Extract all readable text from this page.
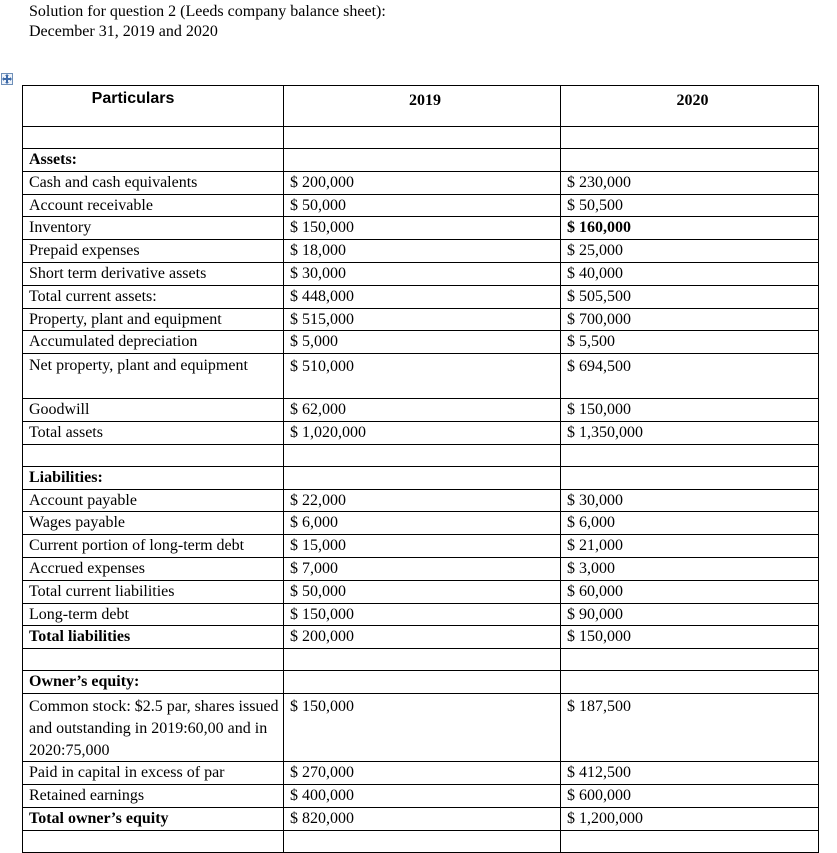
Solution for question 2 (Leeds company balance sheet):
December 31, 2019 and 2020
Particulars	2019	2020

Assets:		
Cash and cash equivalents	$ 200,000	$ 230,000
Account receivable	$ 50,000	$ 50,500
Inventory	$ 150,000	$ 160,000
Prepaid expenses	$ 18,000	$ 25,000
Short term derivative assets	$ 30,000	$ 40,000
Total current assets:	$ 448,000	$ 505,500
Property, plant and equipment	$ 515,000	$ 700,000
Accumulated depreciation	$ 5,000	$ 5,500
Net property, plant and equipment	$ 510,000	$ 694,500
Goodwill	$ 62,000	$ 150,000
Total assets	$ 1,020,000	$ 1,350,000

Liabilities:		
Account payable	$ 22,000	$ 30,000
Wages payable	$ 6,000	$ 6,000
Current portion of long-term debt	$ 15,000	$ 21,000
Accrued expenses	$ 7,000	$ 3,000
Total current liabilities	$ 50,000	$ 60,000
Long-term debt	$ 150,000	$ 90,000
Total liabilities	$ 200,000	$ 150,000

Owner’s equity:		
Common stock: $2.5 par, shares issued and outstanding in 2019:60,00 and in 2020:75,000	$ 150,000	$ 187,500
Paid in capital in excess of par	$ 270,000	$ 412,500
Retained earnings	$ 400,000	$ 600,000
Total owner’s equity	$ 820,000	$ 1,200,000
